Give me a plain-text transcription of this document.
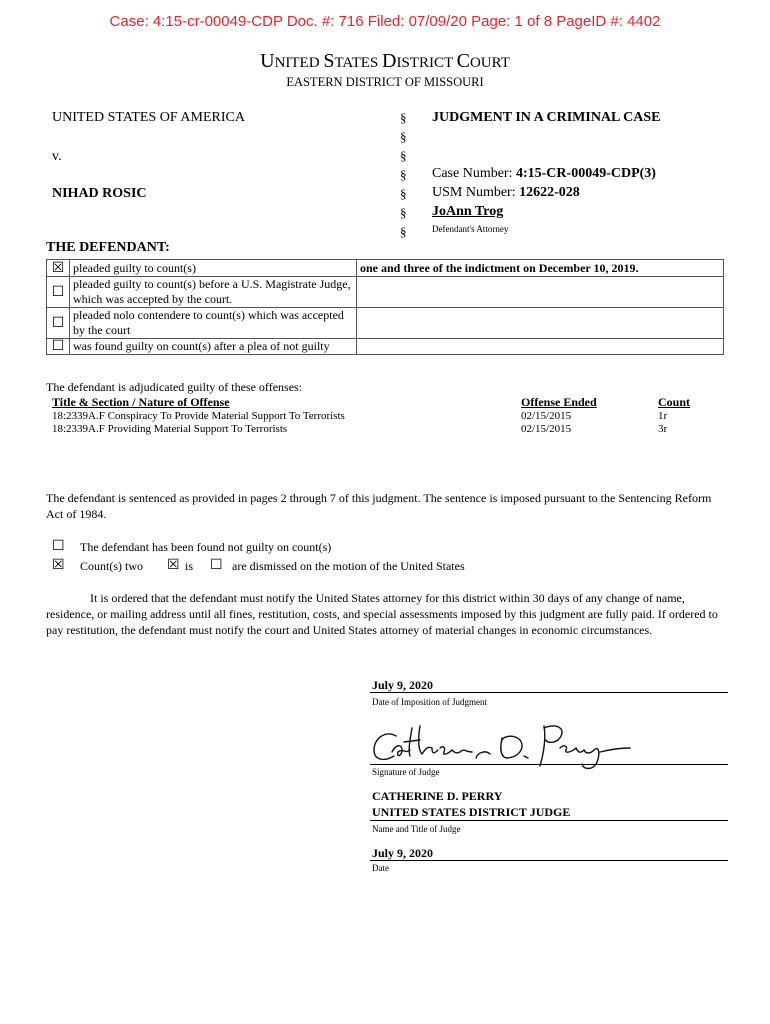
Case: 4:15-cr-00049-CDP Doc. #: 716 Filed: 07/09/20 Page: 1 of 8 PageID #: 4402
UNITED STATES DISTRICT COURT
EASTERN DISTRICT OF MISSOURI
UNITED STATES OF AMERICA
v.
NIHAD ROSIC
§
§
§
§
§
§
§
JUDGMENT IN A CRIMINAL CASE
Case Number: 4:15-CR-00049-CDP(3)
USM Number: 12622-028
JoAnn Trog
Defendant's Attorney
THE DEFENDANT:
☒	pleaded guilty to count(s)	one and three of the indictment on December 10, 2019.
☐	pleaded guilty to count(s) before a U.S. Magistrate Judge, which was accepted by the court.	
☐	pleaded nolo contendere to count(s) which was accepted by the court	
☐	was found guilty on count(s) after a plea of not guilty	
The defendant is adjudicated guilty of these offenses:
Title & Section / Nature of Offense	Offense Ended	Count
18:2339A.F Conspiracy To Provide Material Support To Terrorists	02/15/2015	1r
18:2339A.F Providing Material Support To Terrorists	02/15/2015	3r
The defendant is sentenced as provided in pages 2 through 7 of this judgment. The sentence is imposed pursuant to the Sentencing Reform Act of 1984.
☐ The defendant has been found not guilty on count(s)
☒ Count(s) two ☒ is ☐ are dismissed on the motion of the United States
It is ordered that the defendant must notify the United States attorney for this district within 30 days of any change of name, residence, or mailing address until all fines, restitution, costs, and special assessments imposed by this judgment are fully paid. If ordered to pay restitution, the defendant must notify the court and United States attorney of material changes in economic circumstances.
July 9, 2020
Date of Imposition of Judgment
Signature of Judge
CATHERINE D. PERRY
UNITED STATES DISTRICT JUDGE
Name and Title of Judge
July 9, 2020
Date
